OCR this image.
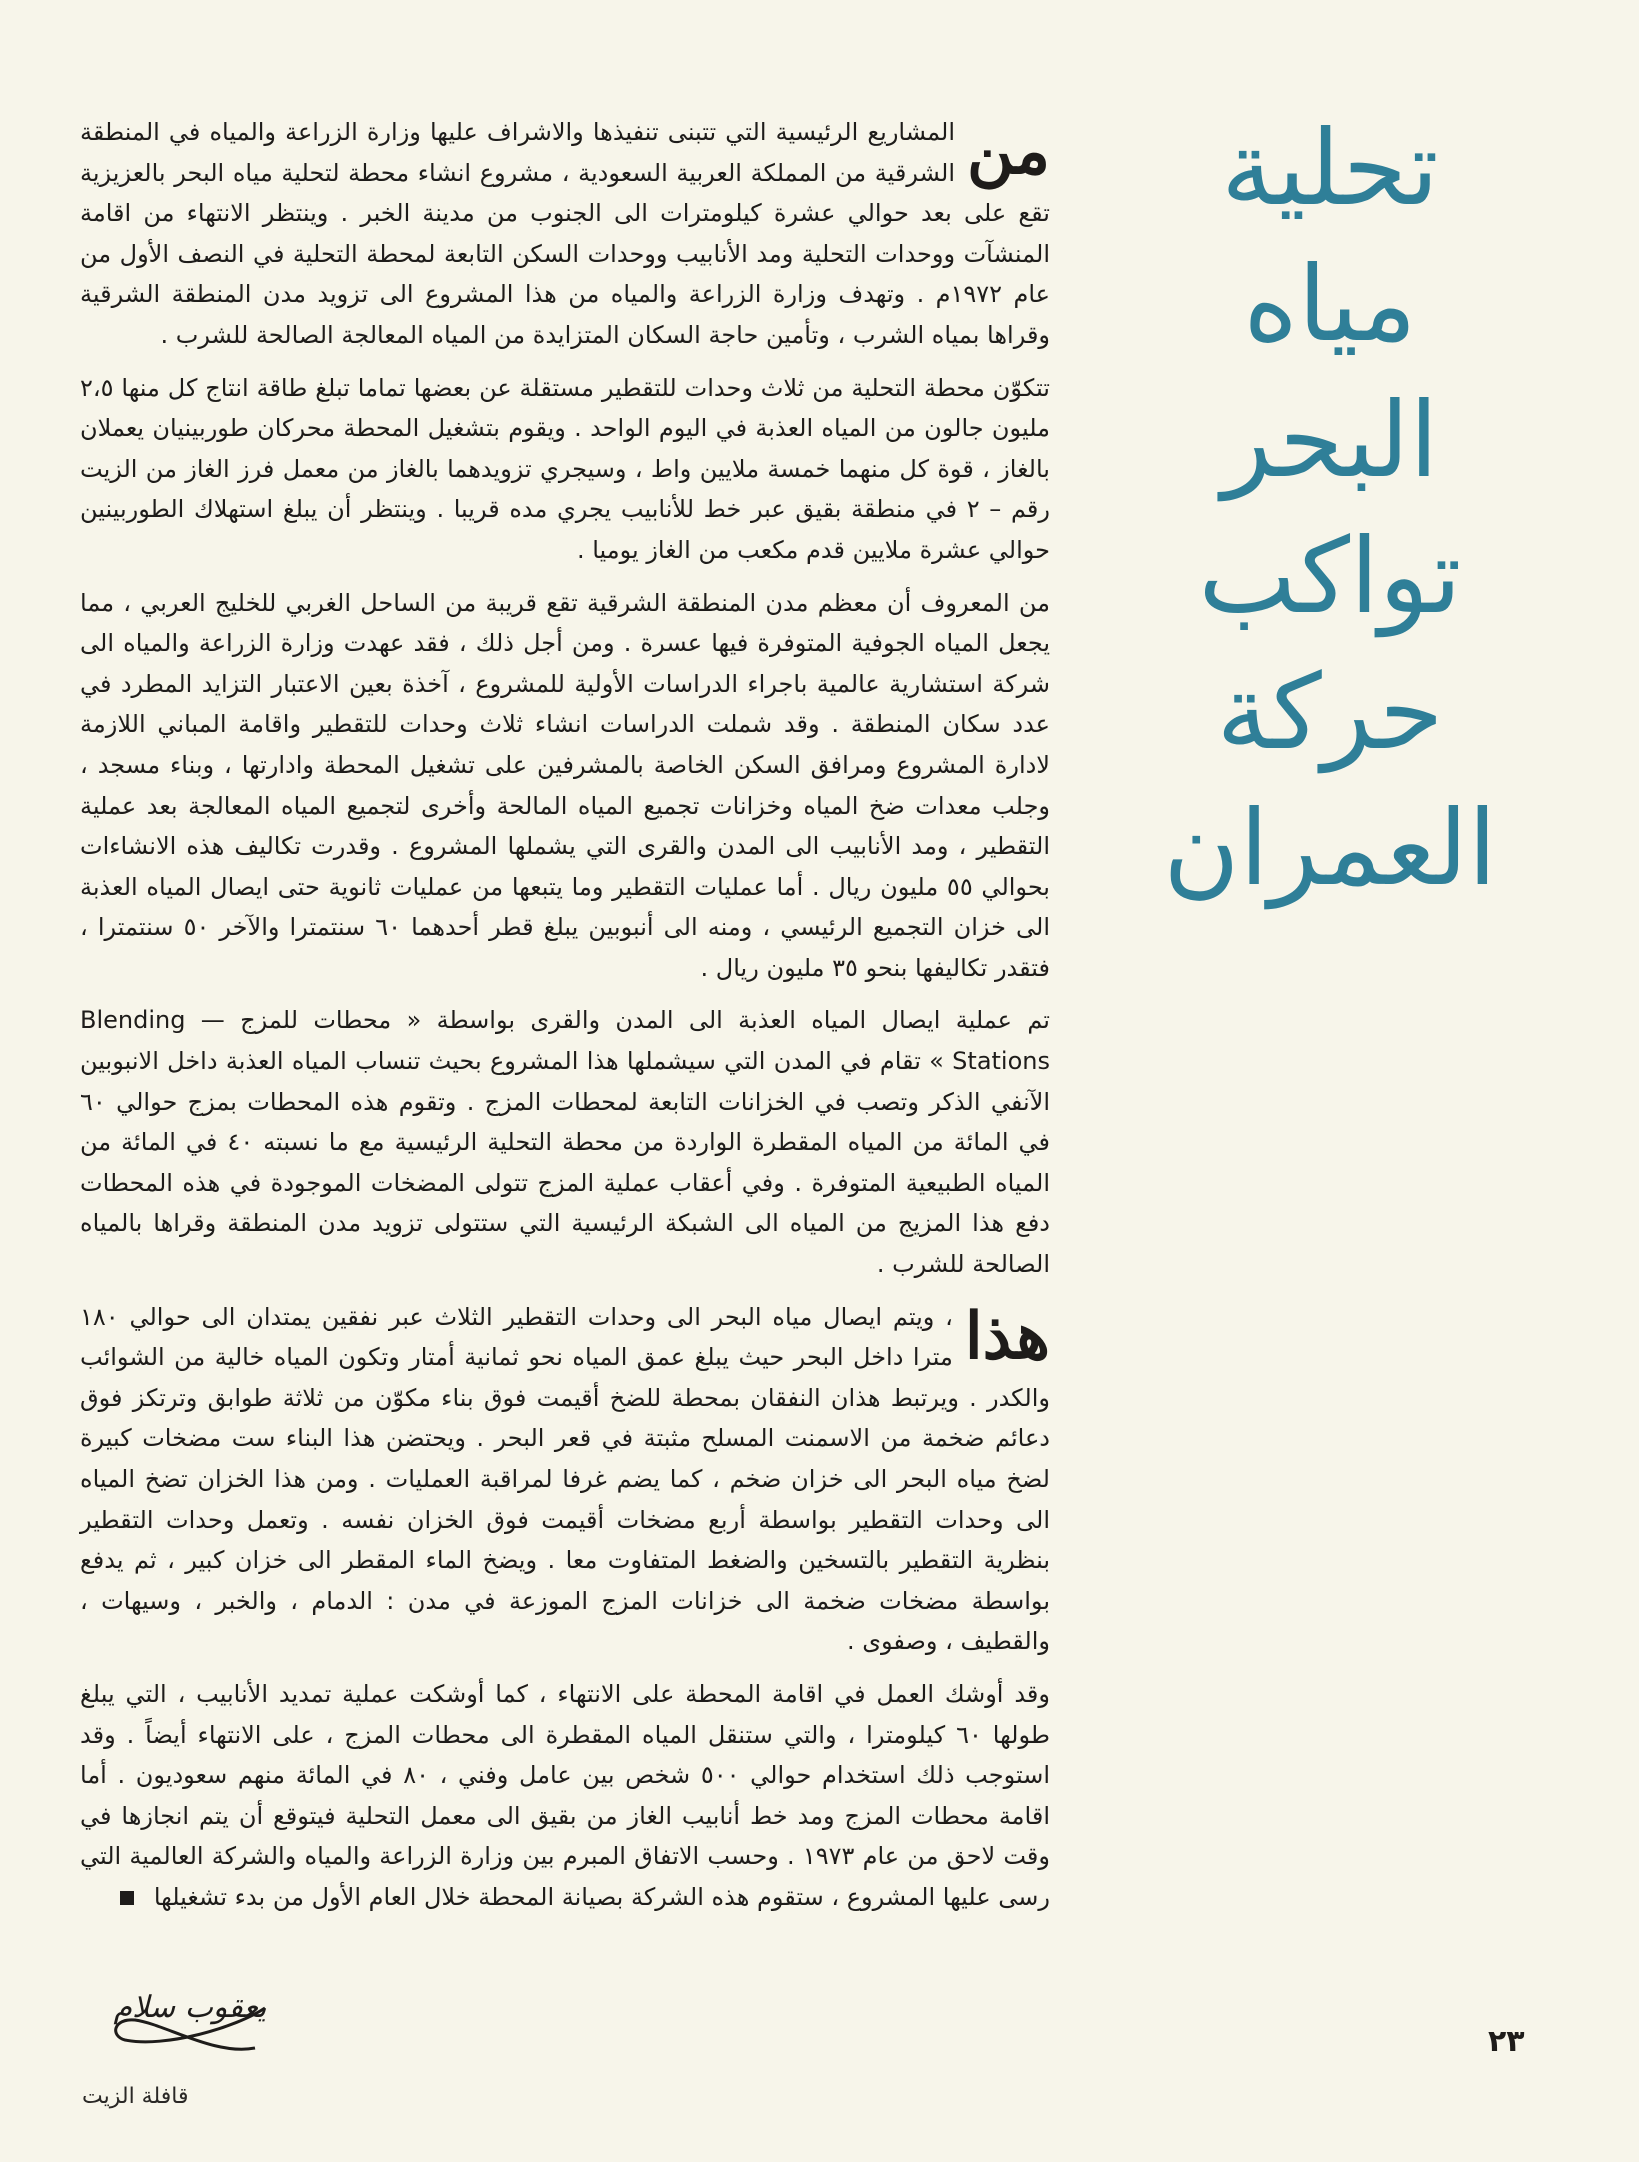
تحلية
مياه
البحر
تواكب
حركة
العمران

من
المشاريع الرئيسية التي تتبنى تنفيذها والاشراف عليها وزارة الزراعة والمياه في المنطقة الشرقية من المملكة العربية السعودية ، مشروع انشاء محطة لتحلية مياه البحر بالعزيزية تقع على بعد حوالي عشرة كيلومترات الى الجنوب من مدينة الخبر . وينتظر الانتهاء من اقامة المنشآت ووحدات التحلية ومد الأنابيب ووحدات السكن التابعة لمحطة التحلية في النصف الأول من عام ١٩٧٢م . وتهدف وزارة الزراعة والمياه من هذا المشروع الى تزويد مدن المنطقة الشرقية وقراها بمياه الشرب ، وتأمين حاجة السكان المتزايدة من المياه المعالجة الصالحة للشرب .

تتكوّن محطة التحلية من ثلاث وحدات للتقطير مستقلة عن بعضها تماما تبلغ طاقة انتاج كل منها ٢،٥ مليون جالون من المياه العذبة في اليوم الواحد . ويقوم بتشغيل المحطة محركان طوربينيان يعملان بالغاز ، قوة كل منهما خمسة ملايين واط ، وسيجري تزويدهما بالغاز من معمل فرز الغاز من الزيت رقم – ٢ في منطقة بقيق عبر خط للأنابيب يجري مده قريبا . وينتظر أن يبلغ استهلاك الطوربينين حوالي عشرة ملايين قدم مكعب من الغاز يوميا .

من المعروف أن معظم مدن المنطقة الشرقية تقع قريبة من الساحل الغربي للخليج العربي ، مما يجعل المياه الجوفية المتوفرة فيها عسرة . ومن أجل ذلك ، فقد عهدت وزارة الزراعة والمياه الى شركة استشارية عالمية باجراء الدراسات الأولية للمشروع ، آخذة بعين الاعتبار التزايد المطرد في عدد سكان المنطقة . وقد شملت الدراسات انشاء ثلاث وحدات للتقطير واقامة المباني اللازمة لادارة المشروع ومرافق السكن الخاصة بالمشرفين على تشغيل المحطة وادارتها ، وبناء مسجد ، وجلب معدات ضخ المياه وخزانات تجميع المياه المالحة وأخرى لتجميع المياه المعالجة بعد عملية التقطير ، ومد الأنابيب الى المدن والقرى التي يشملها المشروع . وقدرت تكاليف هذه الانشاءات بحوالي ٥٥ مليون ريال . أما عمليات التقطير وما يتبعها من عمليات ثانوية حتى ايصال المياه العذبة الى خزان التجميع الرئيسي ، ومنه الى أنبوبين يبلغ قطر أحدهما ٦٠ سنتمترا والآخر ٥٠ سنتمترا ، فتقدر تكاليفها بنحو ٣٥ مليون ريال .

تم عملية ايصال المياه العذبة الى المدن والقرى بواسطة « محطات للمزج — Blending Stations » تقام في المدن التي سيشملها هذا المشروع بحيث تنساب المياه العذبة داخل الانبوبين الآنفي الذكر وتصب في الخزانات التابعة لمحطات المزج . وتقوم هذه المحطات بمزج حوالي ٦٠ في المائة من المياه المقطرة الواردة من محطة التحلية الرئيسية مع ما نسبته ٤٠ في المائة من المياه الطبيعية المتوفرة . وفي أعقاب عملية المزج تتولى المضخات الموجودة في هذه المحطات دفع هذا المزيج من المياه الى الشبكة الرئيسية التي ستتولى تزويد مدن المنطقة وقراها بالمياه الصالحة للشرب .

هذا
، ويتم ايصال مياه البحر الى وحدات التقطير الثلاث عبر نفقين يمتدان الى حوالي ١٨٠ مترا داخل البحر حيث يبلغ عمق المياه نحو ثمانية أمتار وتكون المياه خالية من الشوائب والكدر . ويرتبط هذان النفقان بمحطة للضخ أقيمت فوق بناء مكوّن من ثلاثة طوابق وترتكز فوق دعائم ضخمة من الاسمنت المسلح مثبتة في قعر البحر . ويحتضن هذا البناء ست مضخات كبيرة لضخ مياه البحر الى خزان ضخم ، كما يضم غرفا لمراقبة العمليات . ومن هذا الخزان تضخ المياه الى وحدات التقطير بواسطة أربع مضخات أقيمت فوق الخزان نفسه . وتعمل وحدات التقطير بنظرية التقطير بالتسخين والضغط المتفاوت معا . ويضخ الماء المقطر الى خزان كبير ، ثم يدفع بواسطة مضخات ضخمة الى خزانات المزج الموزعة في مدن : الدمام ، والخبر ، وسيهات ، والقطيف ، وصفوى .

وقد أوشك العمل في اقامة المحطة على الانتهاء ، كما أوشكت عملية تمديد الأنابيب ، التي يبلغ طولها ٦٠ كيلومترا ، والتي ستنقل المياه المقطرة الى محطات المزج ، على الانتهاء أيضاً . وقد استوجب ذلك استخدام حوالي ٥٠٠ شخص بين عامل وفني ، ٨٠ في المائة منهم سعوديون . أما اقامة محطات المزج ومد خط أنابيب الغاز من بقيق الى معمل التحلية فيتوقع أن يتم انجازها في وقت لاحق من عام ١٩٧٣ . وحسب الاتفاق المبرم بين وزارة الزراعة والمياه والشركة العالمية التي رسى عليها المشروع ، ستقوم هذه الشركة بصيانة المحطة خلال العام الأول من بدء تشغيلها

يعقوب سلام
٢٣
قافلة الزيت
